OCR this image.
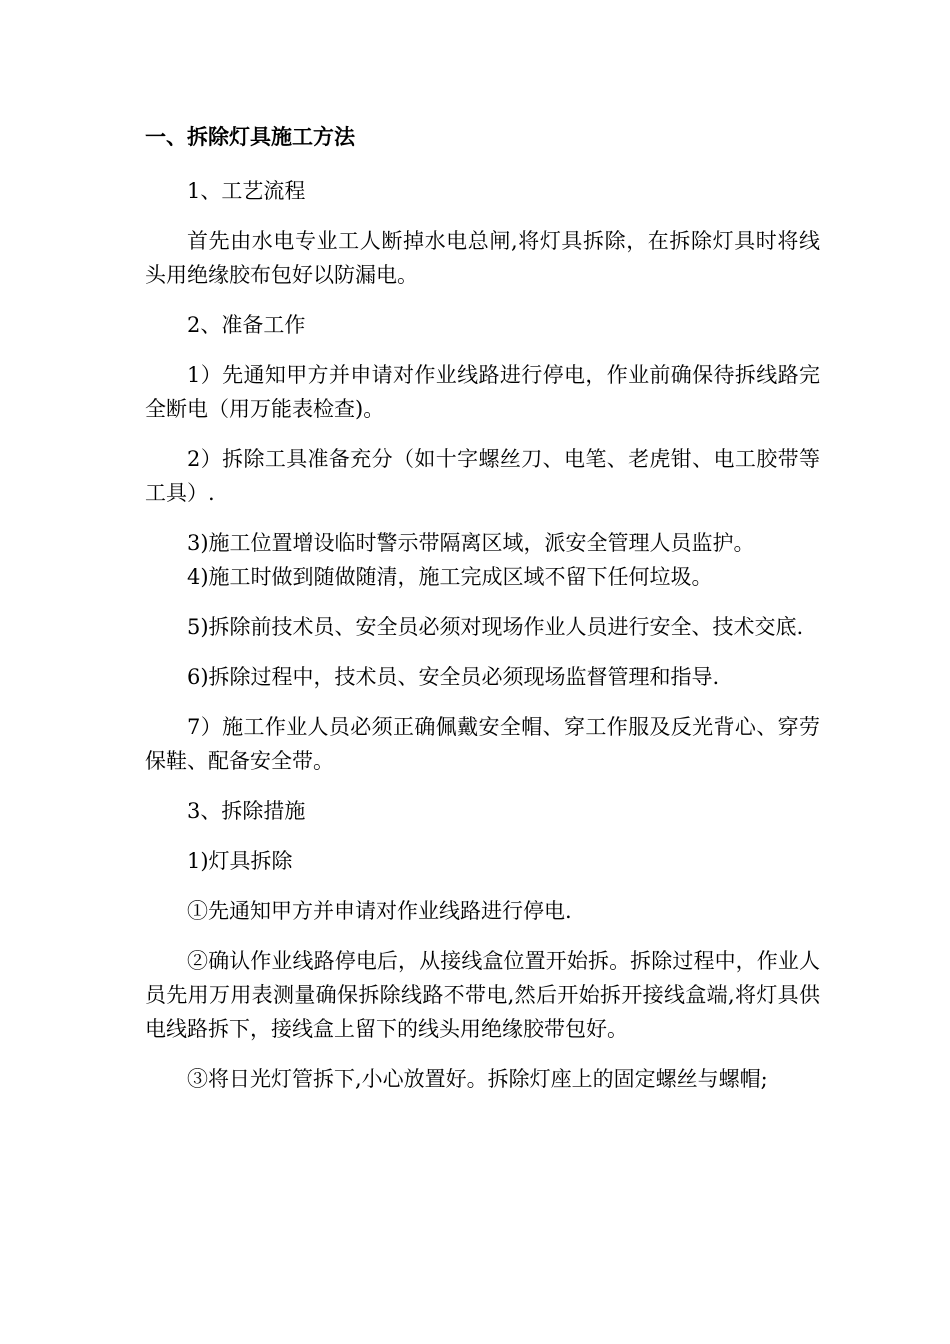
一、拆除灯具施工方法

1、工艺流程

首先由水电专业工人断掉水电总闸,将灯具拆除，在拆除灯具时将线头用绝缘胶布包好以防漏电。

2、准备工作

1）先通知甲方并申请对作业线路进行停电，作业前确保待拆线路完全断电（用万能表检查)。

2）拆除工具准备充分（如十字螺丝刀、电笔、老虎钳、电工胶带等工具）.

3)施工位置增设临时警示带隔离区域，派安全管理人员监护。

4)施工时做到随做随清，施工完成区域不留下任何垃圾。

5)拆除前技术员、安全员必须对现场作业人员进行安全、技术交底.

6)拆除过程中，技术员、安全员必须现场监督管理和指导.

7）施工作业人员必须正确佩戴安全帽、穿工作服及反光背心、穿劳保鞋、配备安全带。

3、拆除措施

1)灯具拆除

①先通知甲方并申请对作业线路进行停电.

②确认作业线路停电后，从接线盒位置开始拆。拆除过程中，作业人员先用万用表测量确保拆除线路不带电,然后开始拆开接线盒端,将灯具供电线路拆下，接线盒上留下的线头用绝缘胶带包好。

③将日光灯管拆下,小心放置好。拆除灯座上的固定螺丝与螺帽;
